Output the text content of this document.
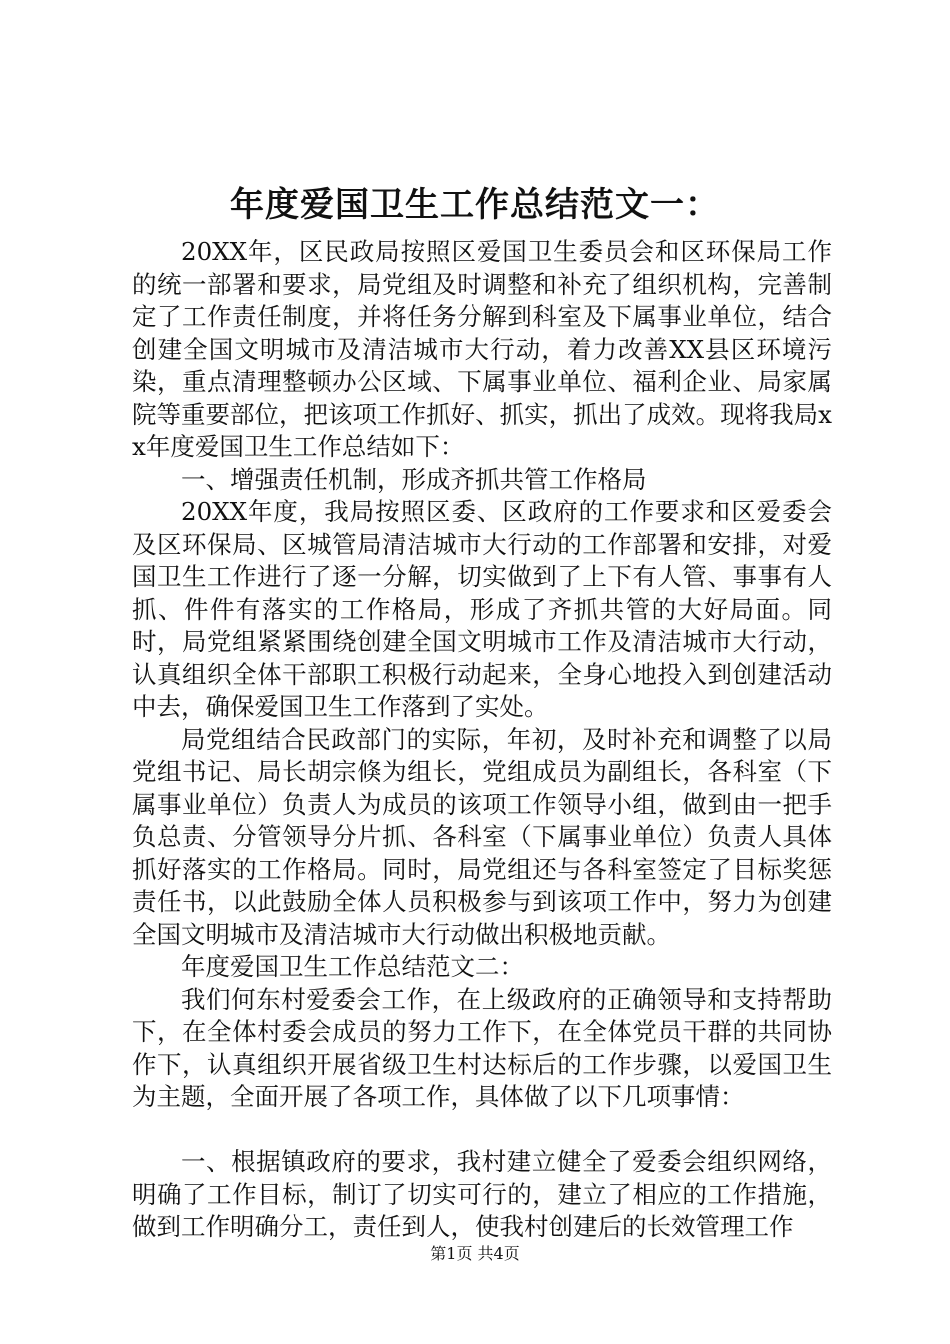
年度爱国卫生工作总结范文一：

20XX年，区民政局按照区爱国卫生委员会和区环保局工作的统一部署和要求，局党组及时调整和补充了组织机构，完善制定了工作责任制度，并将任务分解到科室及下属事业单位，结合创建全国文明城市及清洁城市大行动，着力改善XX县区环境污染，重点清理整顿办公区域、下属事业单位、福利企业、局家属院等重要部位，把该项工作抓好、抓实，抓出了成效。现将我局xx年度爱国卫生工作总结如下：

一、增强责任机制，形成齐抓共管工作格局

20XX年度，我局按照区委、区政府的工作要求和区爱委会及区环保局、区城管局清洁城市大行动的工作部署和安排，对爱国卫生工作进行了逐一分解，切实做到了上下有人管、事事有人抓、件件有落实的工作格局，形成了齐抓共管的大好局面。同时，局党组紧紧围绕创建全国文明城市工作及清洁城市大行动，认真组织全体干部职工积极行动起来，全身心地投入到创建活动中去，确保爱国卫生工作落到了实处。

局党组结合民政部门的实际，年初，及时补充和调整了以局党组书记、局长胡宗倏为组长，党组成员为副组长，各科室（下属事业单位）负责人为成员的该项工作领导小组，做到由一把手负总责、分管领导分片抓、各科室（下属事业单位）负责人具体抓好落实的工作格局。同时，局党组还与各科室签定了目标奖惩责任书，以此鼓励全体人员积极参与到该项工作中，努力为创建全国文明城市及清洁城市大行动做出积极地贡献。

年度爱国卫生工作总结范文二：

我们何东村爱委会工作，在上级政府的正确领导和支持帮助下，在全体村委会成员的努力工作下，在全体党员干群的共同协作下，认真组织开展省级卫生村达标后的工作步骤，以爱国卫生为主题，全面开展了各项工作，具体做了以下几项事情：

一、根据镇政府的要求，我村建立健全了爱委会组织网络，明确了工作目标，制订了切实可行的，建立了相应的工作措施，做到工作明确分工，责任到人，使我村创建后的长效管理工作

第1页 共4页
